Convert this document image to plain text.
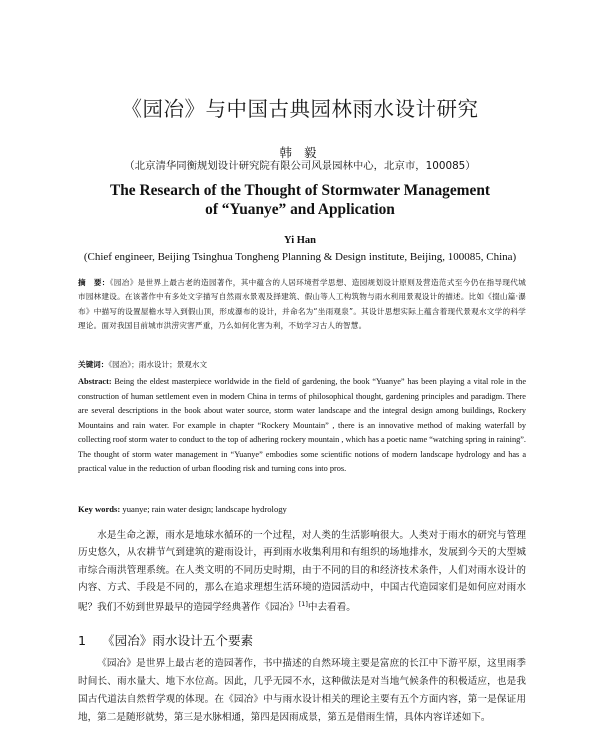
《园冶》与中国古典园林雨水设计研究
韩 毅
（北京清华同衡规划设计研究院有限公司风景园林中心，北京市，100085）
The Research of the Thought of Stormwater Management
of “Yuanye” and Application
Yi Han
(Chief engineer, Beijing Tsinghua Tongheng Planning & Design institute, Beijing, 100085, China)
摘　要：《园冶》是世界上最古老的造园著作，其中蕴含的人居环境哲学思想、造园规划设计原则及营造范式至今仍在指导现代城市园林建设。在该著作中有多处文字描写自然雨水景观及择建筑、假山等人工构筑物与雨水利用景观设计的描述。比如《掇山篇·瀑布》中描写的设置屋檐水导入到假山顶，形成瀑布的设计，并命名为“坐雨观泉”。其设计思想实际上蕴含着现代景观水文学的科学理论。面对我国目前城市洪涝灾害严重，乃么如何化害为利，不妨学习古人的智慧。
关键词：《园冶》；雨水设计；景观水文
Abstract: Being the eldest masterpiece worldwide in the field of gardening, the book “Yuanye” has been playing a vital role in the construction of human settlement even in modern China in terms of philosophical thought, gardening principles and paradigm. There are several descriptions in the book about water source, storm water landscape and the integral design among buildings, Rockery Mountains and rain water. For example in chapter “Rockery Mountain” , there is an innovative method of making waterfall by collecting roof storm water to conduct to the top of adhering rockery mountain , which has a poetic name “watching spring in raining”. The thought of storm water management in “Yuanye” embodies some scientific notions of modern landscape hydrology and has a practical value in the reduction of urban flooding risk and turning cons into pros.
Key words: yuanye; rain water design; landscape hydrology
水是生命之源，雨水是地球水循环的一个过程，对人类的生活影响很大。人类对于雨水的研究与管理历史悠久，从农耕节气到建筑的避雨设计，再到雨水收集利用和有组织的场地排水，发展到今天的大型城市综合雨洪管理系统。在人类文明的不同历史时期，由于不同的目的和经济技术条件，人们对雨水设计的内容、方式、手段是不同的，那么在追求理想生活环境的造园活动中，中国古代造园家们是如何应对雨水呢？我们不妨到世界最早的造园学经典著作《园冶》[1]中去看看。
1 《园冶》雨水设计五个要素
《园冶》是世界上最古老的造园著作，书中描述的自然环境主要是富庶的长江中下游平原，这里雨季时间长、雨水量大、地下水位高。因此，几乎无园不水，这种做法是对当地气候条件的积极适应，也是我国古代道法自然哲学观的体现。在《园冶》中与雨水设计相关的理论主要有五个方面内容，第一是保证用地，第二是随形就势，第三是水脉相通，第四是因雨成景，第五是借雨生情，具体内容详述如下。
